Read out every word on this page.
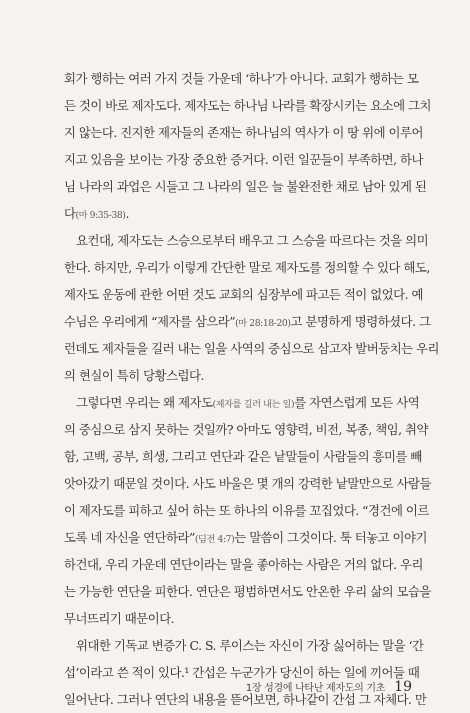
회가 행하는 여러 가지 것들 가운데 ‘하나’가 아니다. 교회가 행하는 모
든 것이 바로 제자도다. 제자도는 하나님 나라를 확장시키는 요소에 그치
지 않는다. 진지한 제자들의 존재는 하나님의 역사가 이 땅 위에 이루어
지고 있음을 보이는 가장 중요한 증거다. 이런 일꾼들이 부족하면, 하나
님 나라의 과업은 시들고 그 나라의 일은 늘 불완전한 채로 남아 있게 된
다(마 9:35-38).
요컨대, 제자도는 스승으로부터 배우고 그 스승을 따르다는 것을 의미
한다. 하지만, 우리가 이렇게 간단한 말로 제자도를 정의할 수 있다 해도,
제자도 운동에 관한 어떤 것도 교회의 심장부에 파고든 적이 없었다. 예
수님은 우리에게 “제자를 삼으라”(마 28:18-20)고 분명하게 명령하셨다. 그
런데도 제자들을 길러 내는 일을 사역의 중심으로 삼고자 발버둥치는 우리
의 현실이 특히 당황스럽다.
그렇다면 우리는 왜 제자도(제자를 길러 내는 일)를 자연스럽게 모든 사역
의 중심으로 삼지 못하는 것일까? 아마도 영향력, 비전, 복종, 책임, 취약
함, 고백, 공부, 희생, 그리고 연단과 같은 낱말들이 사람들의 흥미를 빼
앗아갔기 때문일 것이다. 사도 바울은 몇 개의 강력한 낱말만으로 사람들
이 제자도를 피하고 싶어 하는 또 하나의 이유를 꼬집었다. “경건에 이르
도록 네 자신을 연단하라”(딤전 4:7)는 말씀이 그것이다. 툭 터놓고 이야기
하건대, 우리 가운데 연단이라는 말을 좋아하는 사람은 거의 없다. 우리
는 가능한 연단을 피한다. 연단은 평범하면서도 안온한 우리 삶의 모습을
무너뜨리기 때문이다.
위대한 기독교 변증가 C. S. 루이스는 자신이 가장 싫어하는 말을 ‘간
섭’이라고 쓴 적이 있다.¹ 간섭은 누군가가 당신이 하는 일에 끼어들 때
일어난다. 그러나 연단의 내용을 뜯어보면, 하나같이 간섭 그 자체다. 만
1장 성경에 나타난 제자도의 기초 19
